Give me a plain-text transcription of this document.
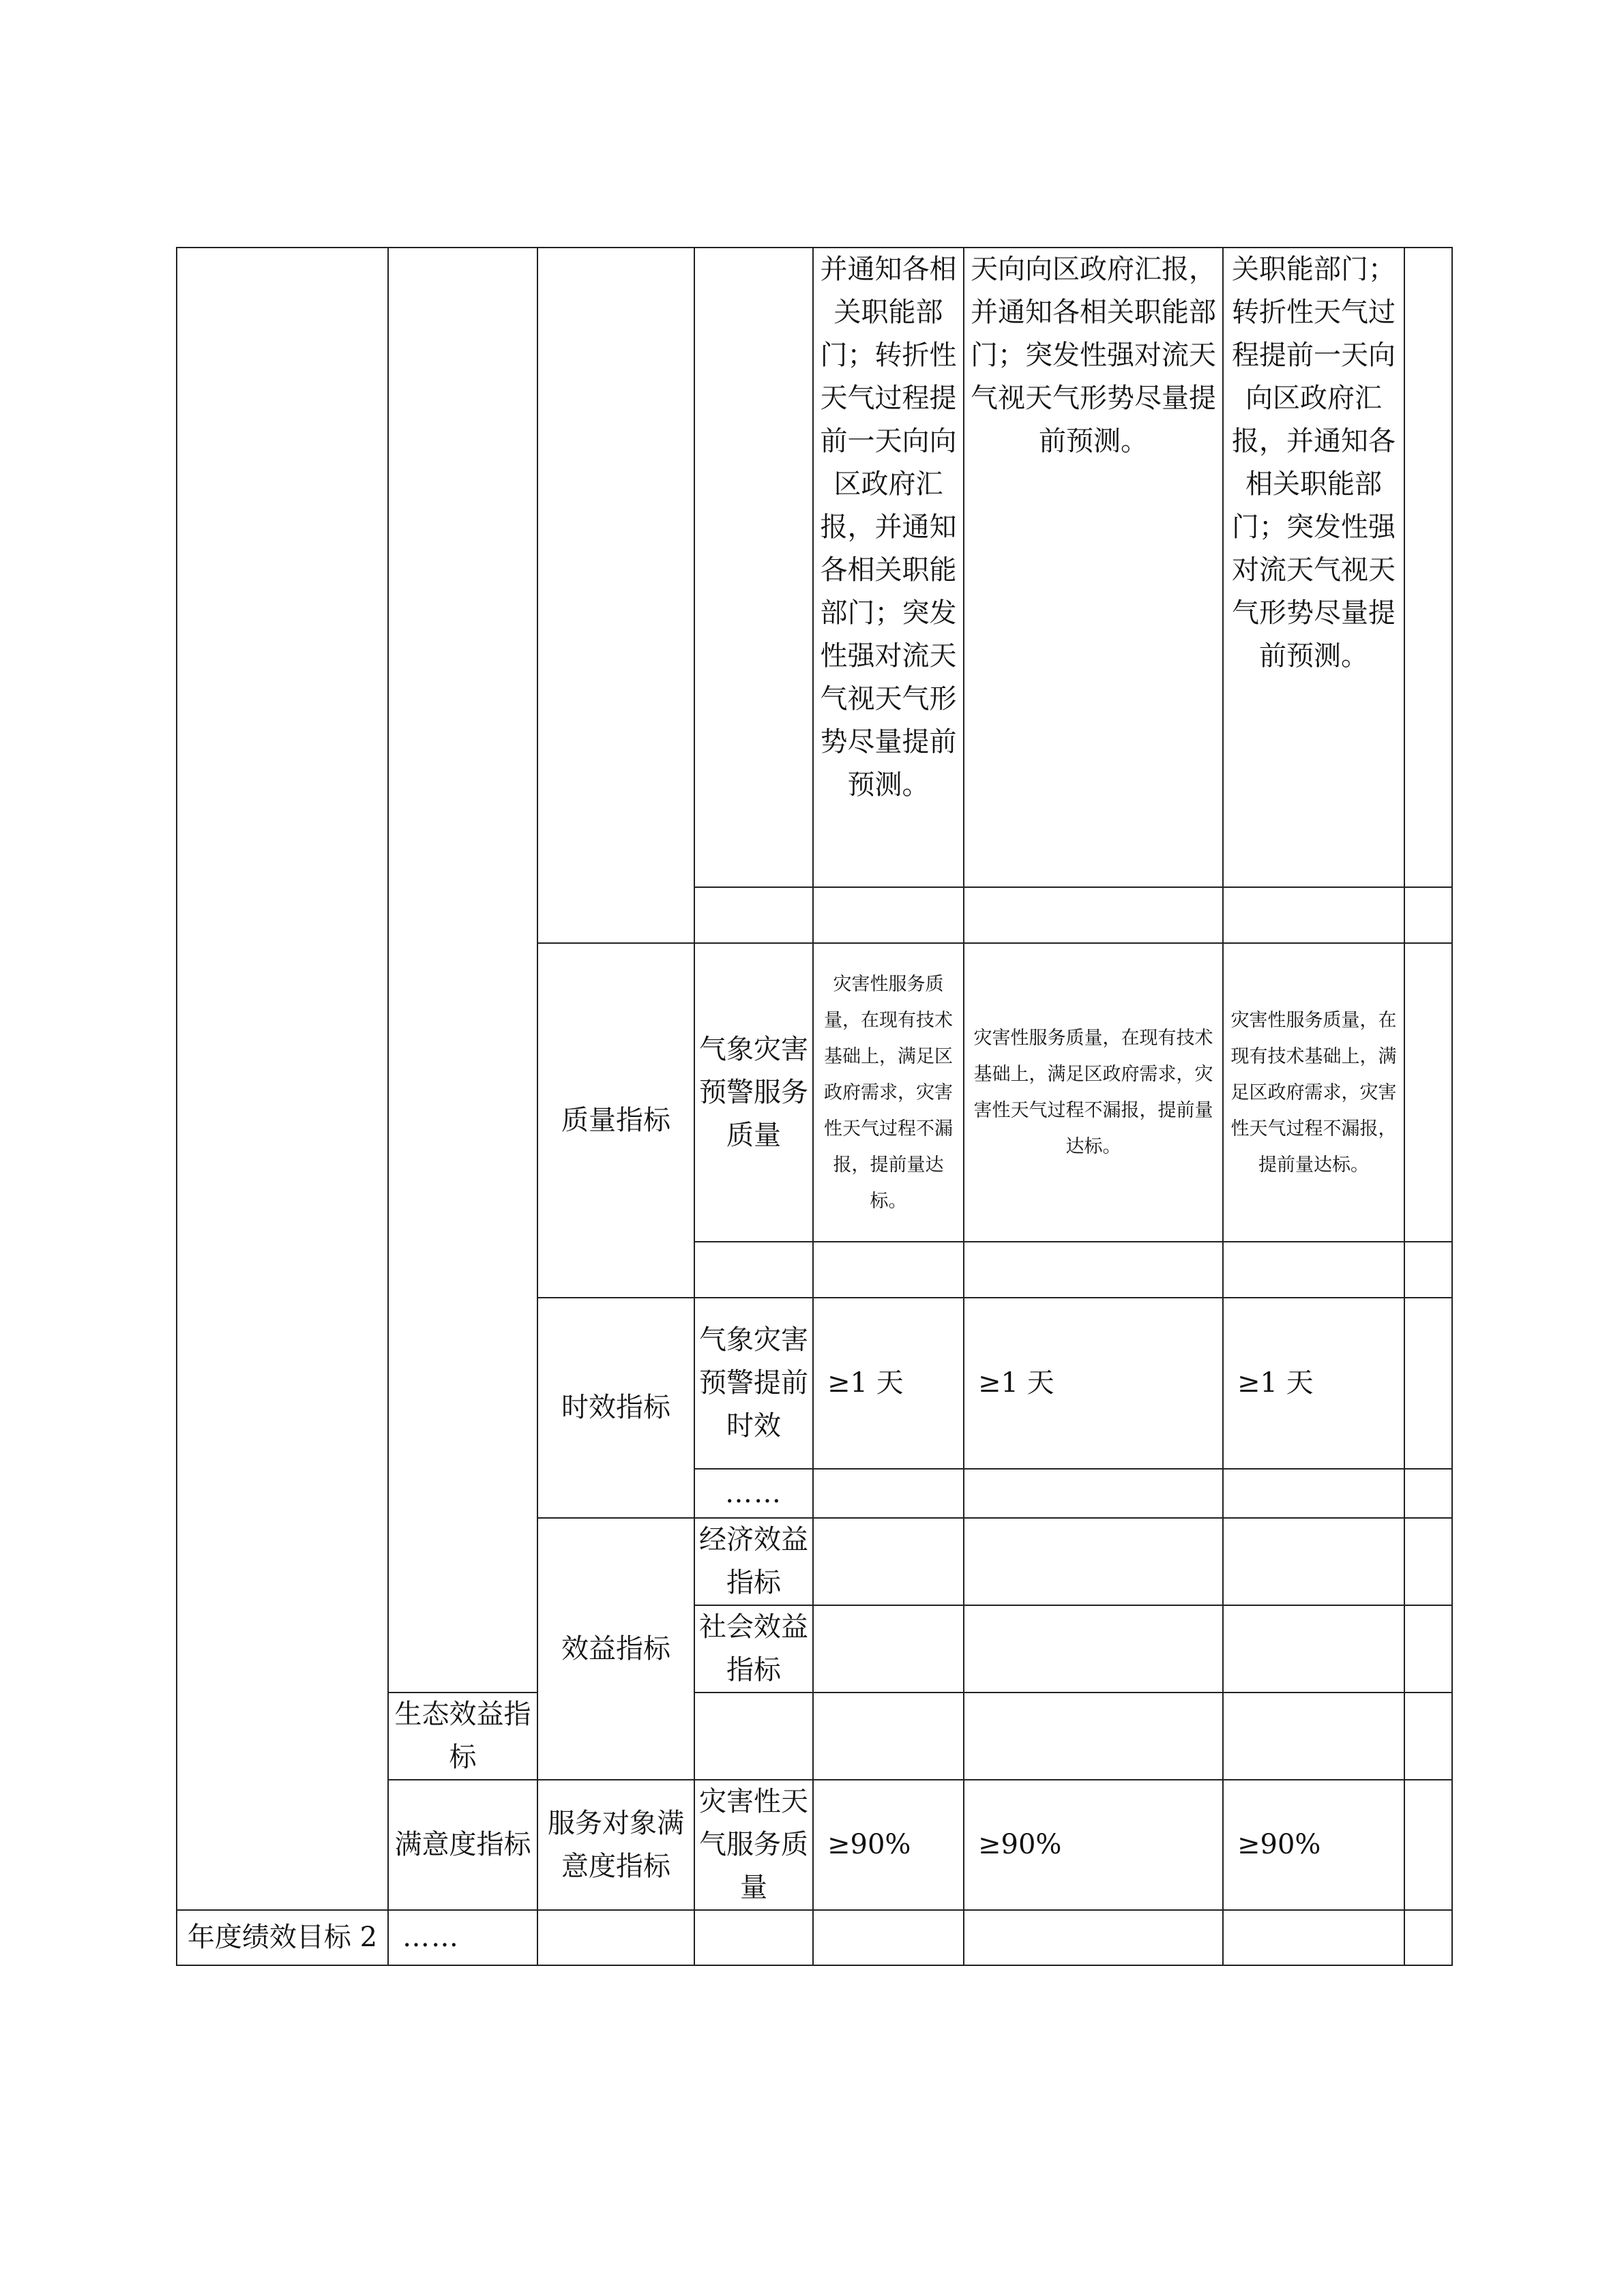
				并通知各相关职能部门；转折性天气过程提前一天向向区政府汇报，并通知各相关职能部门；突发性强对流天气视天气形势尽量提前预测。	天向向区政府汇报，并通知各相关职能部门；突发性强对流天气视天气形势尽量提前预测。	关职能部门；转折性天气过程提前一天向向区政府汇报，并通知各相关职能部门；突发性强对流天气视天气形势尽量提前预测。		

		质量指标	气象灾害预警服务质量	灾害性服务质量，在现有技术基础上，满足区政府需求，灾害性天气过程不漏报，提前量达标。	灾害性服务质量，在现有技术基础上，满足区政府需求，灾害性天气过程不漏报，提前量达标。	灾害性服务质量，在现有技术基础上，满足区政府需求，灾害性天气过程不漏报，提前量达标。		

		时效指标	气象灾害预警提前时效	≥1 天	≥1 天	≥1 天		
			……					
		效益指标	经济效益指标					
			社会效益指标					
	生态效益指标							
	满意度指标	服务对象满意度指标	灾害性天气服务质量	≥90%	≥90%	≥90%		
年度绩效目标 2	……							
